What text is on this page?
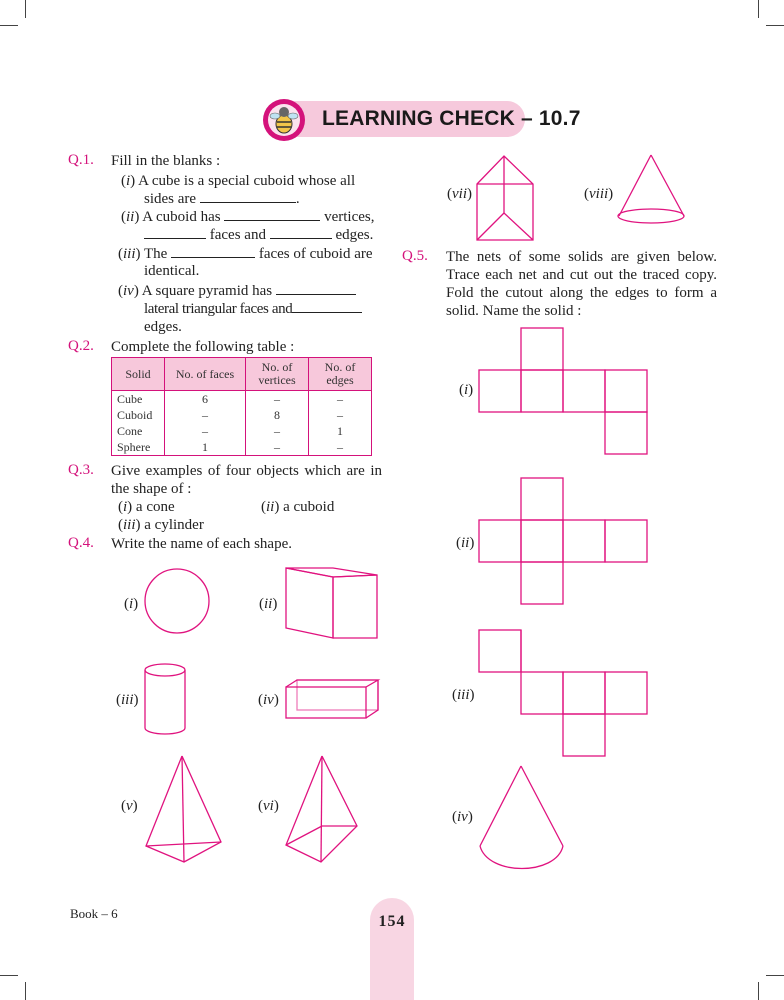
LEARNING CHECK – 10.7
Q.1. Fill in the blanks :
(i) A cube is a special cuboid whose all
sides are	.
(ii) A cuboid has	vertices,
faces and	edges.
(iii) The	faces of cuboid are
identical.
(iv) A square pyramid has
lateral triangular faces and
edges.
Q.2. Complete the following table :
Solid	No. of faces	No. of vertices	No. of edges
Cube	6	–	–
Cuboid	–	8	–
Cone	–	–	1
Sphere	1	–	–
Q.3. Give examples of four objects which are in the shape of :
(i) a cone	(ii) a cuboid
(iii) a cylinder
Q.4. Write the name of each shape.
(i)	(ii)
(iii)	(iv)
(v)	(vi)
(vii)	(viii)
Q.5. The nets of some solids are given below. Trace each net and cut out the traced copy. Fold the cutout along the edges to form a solid. Name the solid :
(i)
(ii)
(iii)
(iv)
Book – 6	154
